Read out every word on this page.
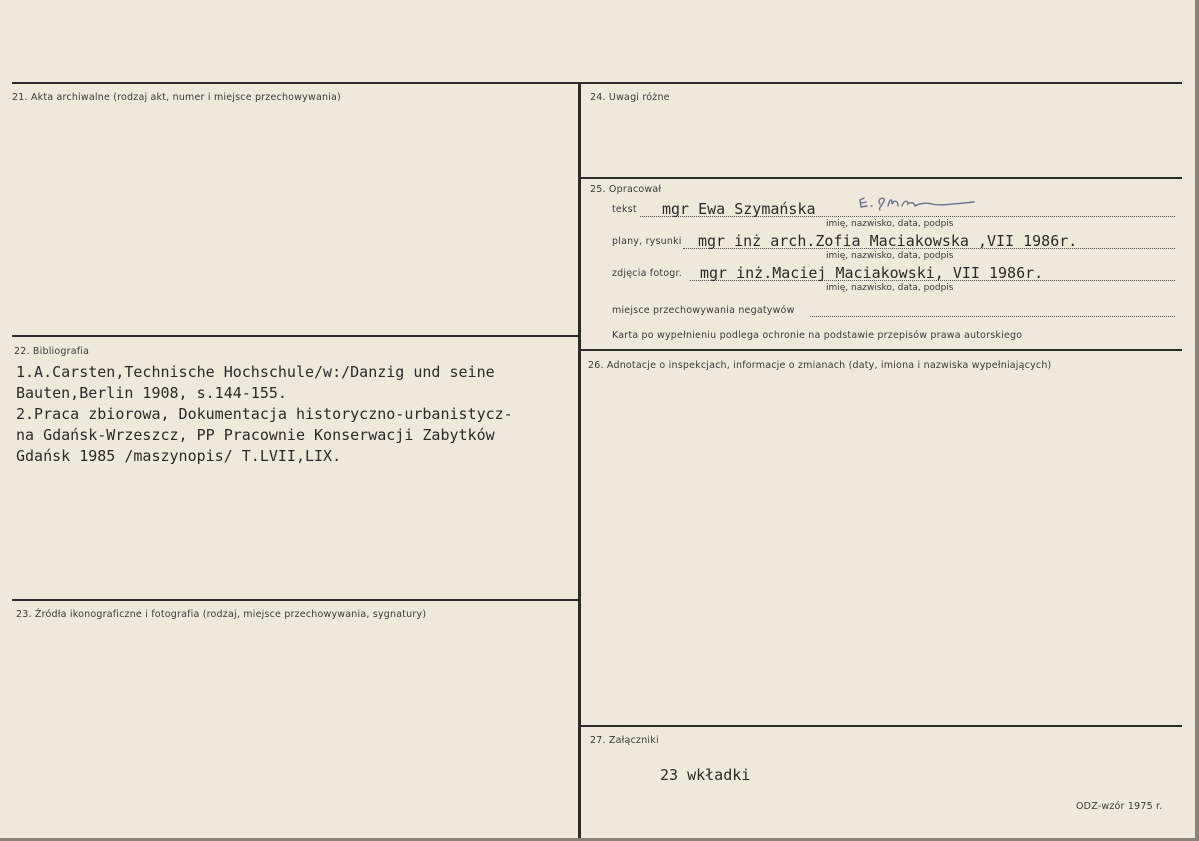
21. Akta archiwalne (rodzaj akt, numer i miejsce przechowywania)
22. Bibliografia
1.A.Carsten,Technische Hochschule/w:/Danzig und seine
Bauten,Berlin 1908, s.144-155.
2.Praca zbiorowa, Dokumentacja historyczno-urbanistycz-
na Gdańsk-Wrzeszcz, PP Pracownie Konserwacji Zabytków
Gdańsk 1985 /maszynopis/ T.LVII,LIX.
23. Źródła ikonograficzne i fotografia (rodzaj, miejsce przechowywania, sygnatury)
24. Uwagi różne
25. Opracował
tekst mgr Ewa Szymańska
imię, nazwisko, data, podpis
plany, rysunki mgr inż arch.Zofia Maciakowska ,VII 1986r.
imię, nazwisko, data, podpis
zdjęcia fotogr. mgr inż.Maciej Maciakowski, VII 1986r.
imię, nazwisko, data, podpis
miejsce przechowywania negatywów
Karta po wypełnieniu podlega ochronie na podstawie przepisów prawa autorskiego
26. Adnotacje o inspekcjach, informacje o zmianach (daty, imiona i nazwiska wypełniających)
27. Załączniki
23 wkładki
ODZ-wzór 1975 r.
